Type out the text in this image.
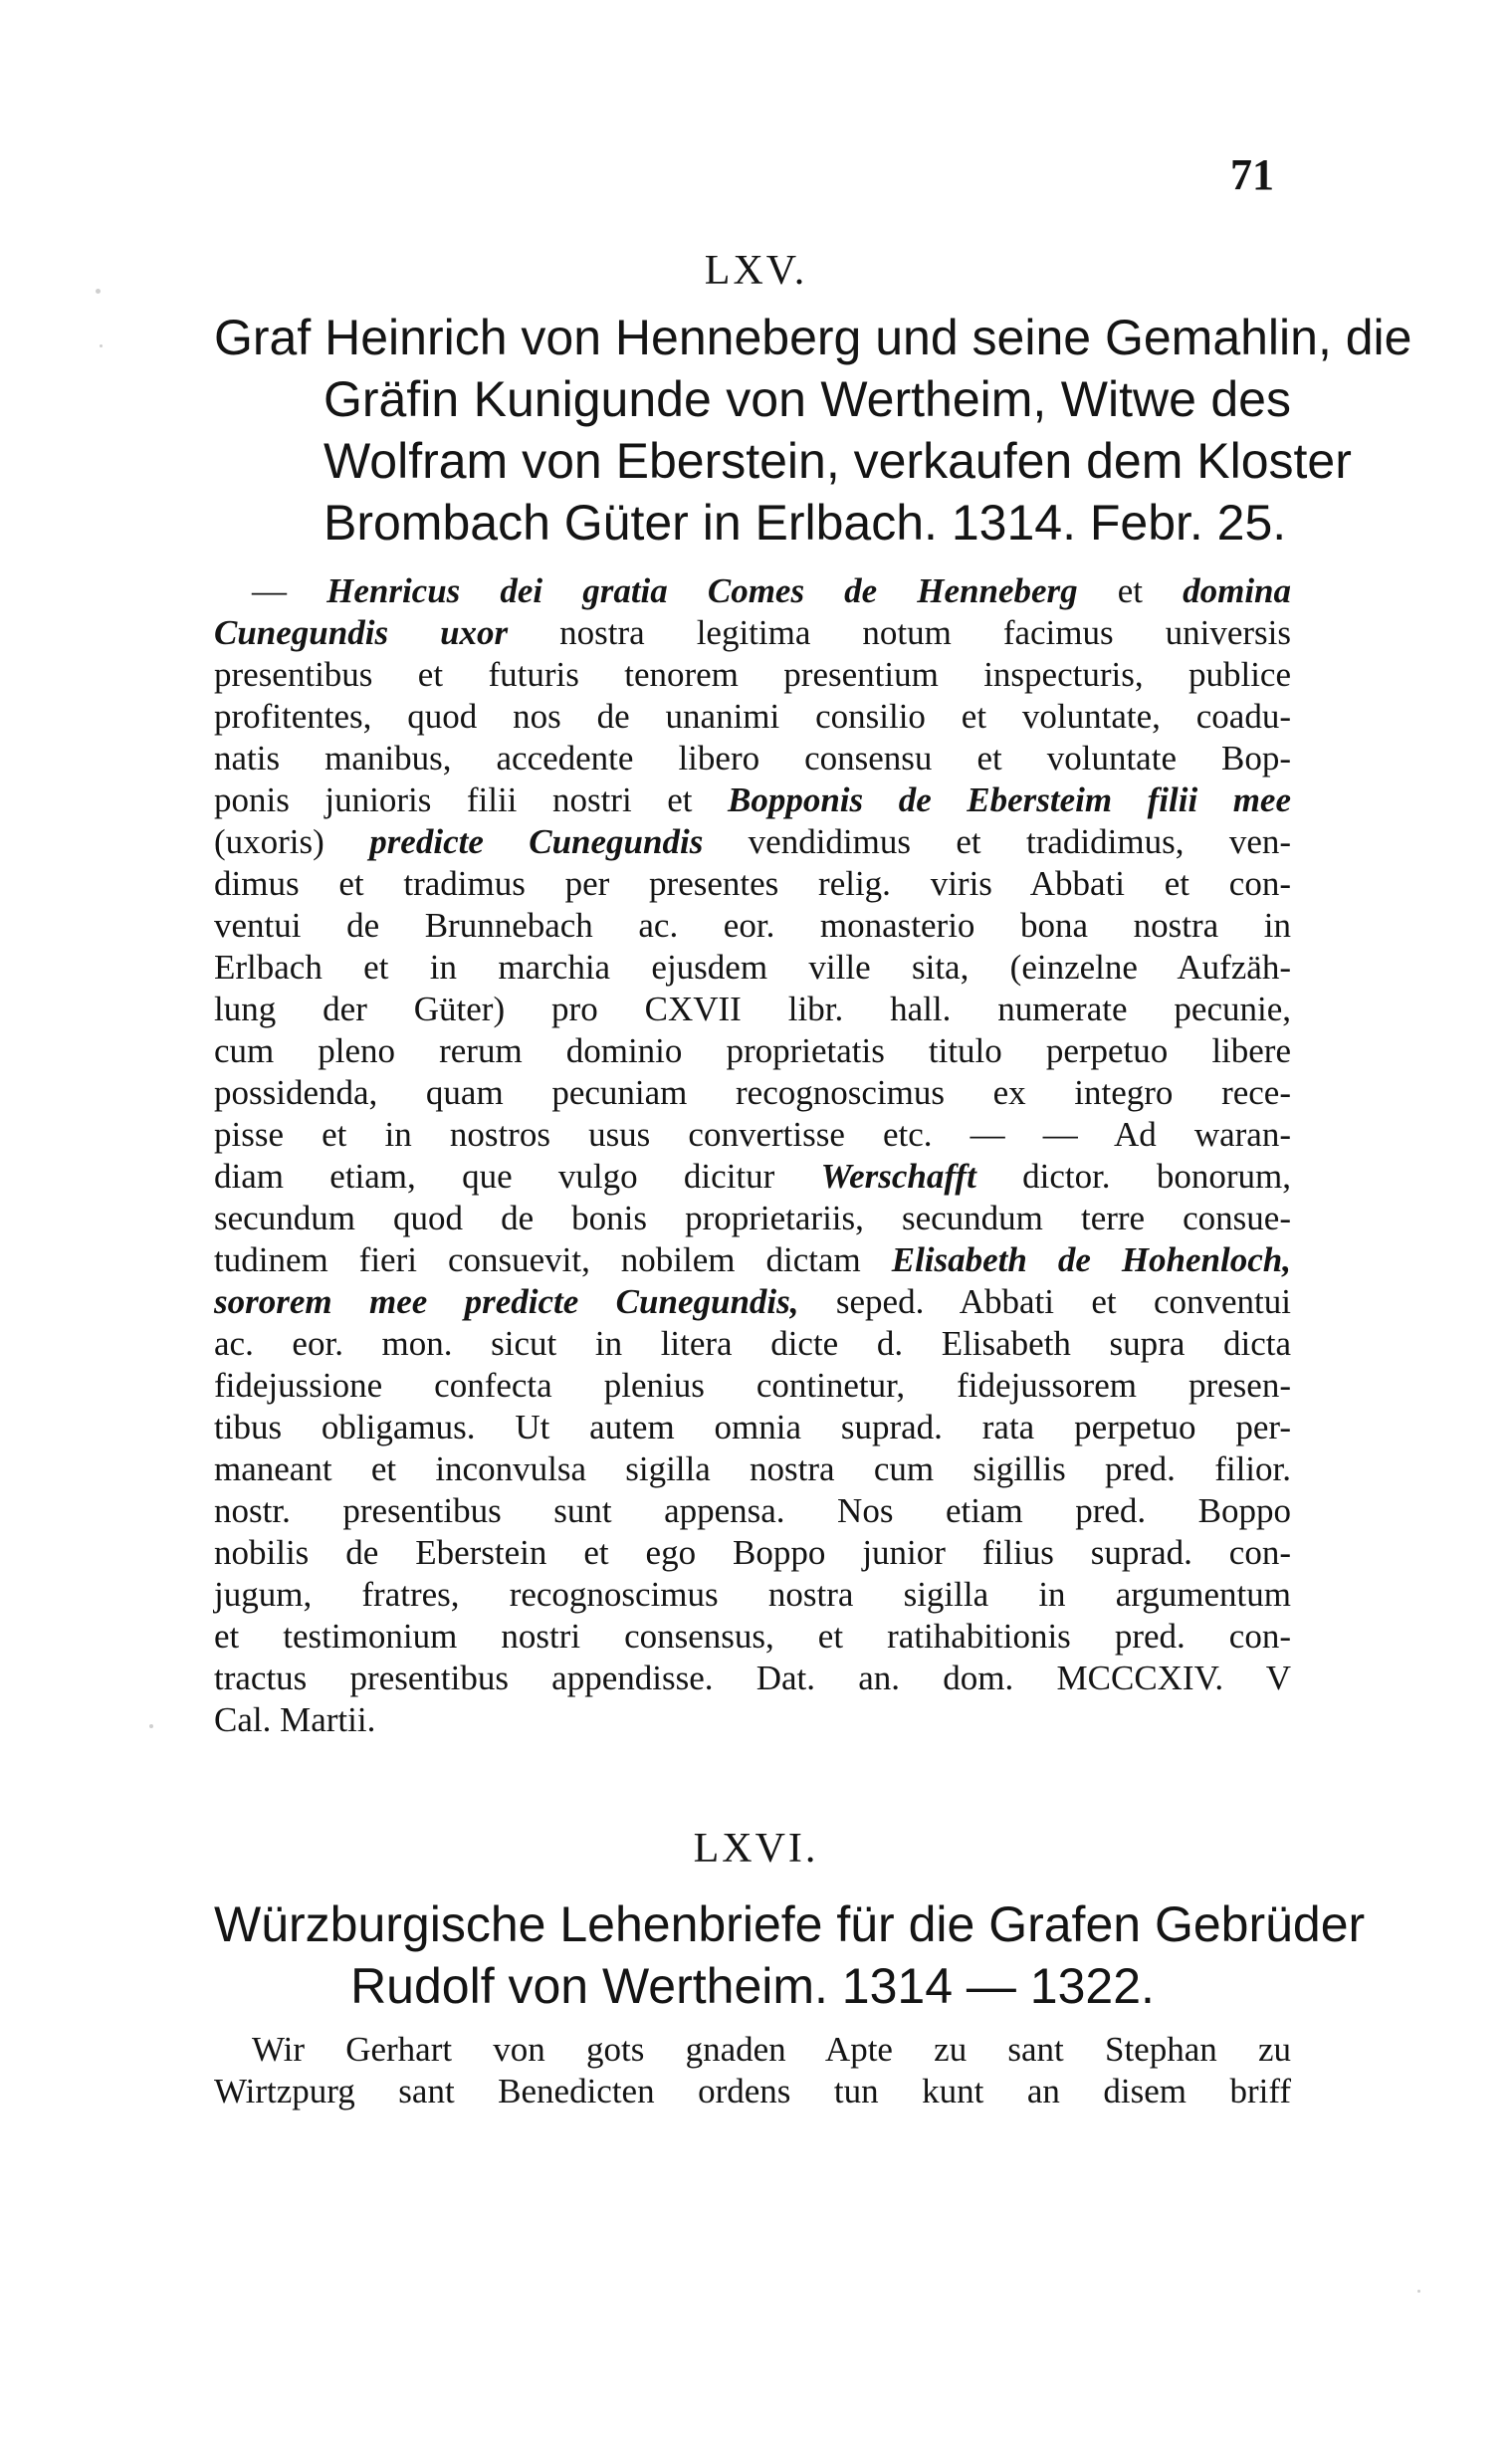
71
LXV.
Graf Heinrich von Henneberg und seine Gemahlin, die
Gräfin Kunigunde von Wertheim, Witwe des
Wolfram von Eberstein, verkaufen dem Kloster
Brombach Güter in Erlbach. 1314. Febr. 25.
— Henricus dei gratia Comes de Henneberg et domina
Cunegundis uxor nostra legitima notum facimus universis
presentibus et futuris tenorem presentium inspecturis, publice
profitentes, quod nos de unanimi consilio et voluntate, coadu-
natis manibus, accedente libero consensu et voluntate Bop-
ponis junioris filii nostri et Bopponis de Ebersteim filii mee
(uxoris) predicte Cunegundis vendidimus et tradidimus, ven-
dimus et tradimus per presentes relig. viris Abbati et con-
ventui de Brunnebach ac. eor. monasterio bona nostra in
Erlbach et in marchia ejusdem ville sita, (einzelne Aufzäh-
lung der Güter) pro CXVII libr. hall. numerate pecunie,
cum pleno rerum dominio proprietatis titulo perpetuo libere
possidenda, quam pecuniam recognoscimus ex integro rece-
pisse et in nostros usus convertisse etc. — — Ad waran-
diam etiam, que vulgo dicitur Werschafft dictor. bonorum,
secundum quod de bonis proprietariis, secundum terre consue-
tudinem fieri consuevit, nobilem dictam Elisabeth de Hohenloch,
sororem mee predicte Cunegundis, seped. Abbati et conventui
ac. eor. mon. sicut in litera dicte d. Elisabeth supra dicta
fidejussione confecta plenius continetur, fidejussorem presen-
tibus obligamus. Ut autem omnia suprad. rata perpetuo per-
maneant et inconvulsa sigilla nostra cum sigillis pred. filior.
nostr. presentibus sunt appensa. Nos etiam pred. Boppo
nobilis de Eberstein et ego Boppo junior filius suprad. con-
jugum, fratres, recognoscimus nostra sigilla in argumentum
et testimonium nostri consensus, et ratihabitionis pred. con-
tractus presentibus appendisse. Dat. an. dom. MCCCXIV. V
Cal. Martii.
LXVI.
Würzburgische Lehenbriefe für die Grafen Gebrüder
Rudolf von Wertheim. 1314 — 1322.
Wir Gerhart von gots gnaden Apte zu sant Stephan zu
Wirtzpurg sant Benedicten ordens tun kunt an disem briff
